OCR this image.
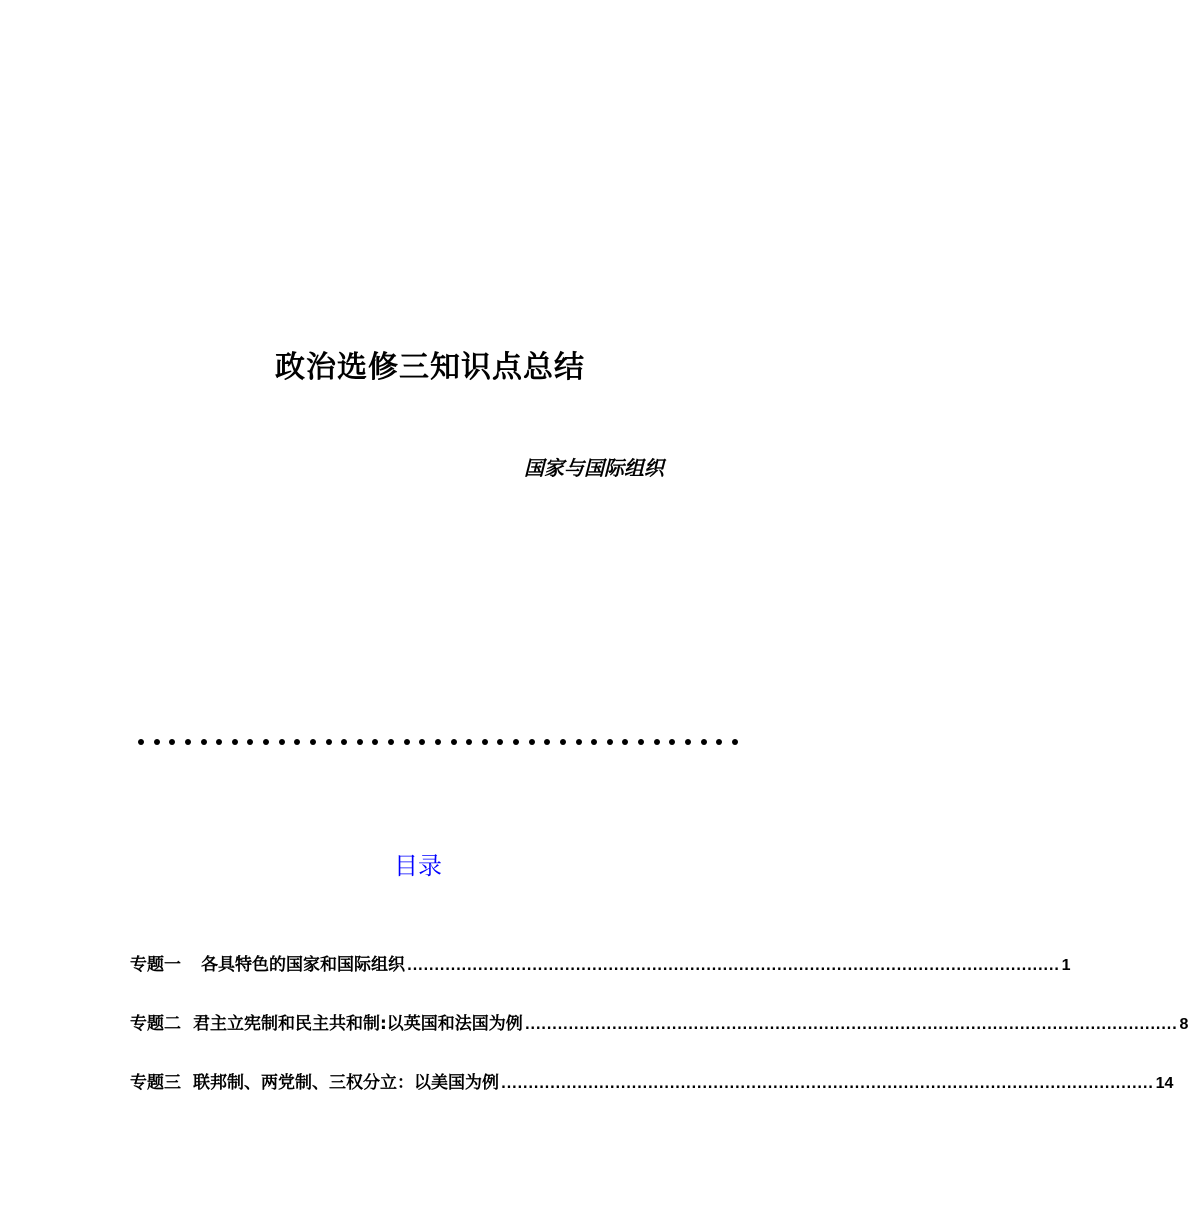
政治选修三知识点总结
国家与国际组织
目录
专题一 各具特色的国家和国际组织 ........................................................................................................................ 1
专题二 君主立宪制和民主共和制:以英国和法国为例 ........................................................................................................................ 8
专题三 联邦制、两党制、三权分立：以美国为例 ........................................................................................................................ 14
